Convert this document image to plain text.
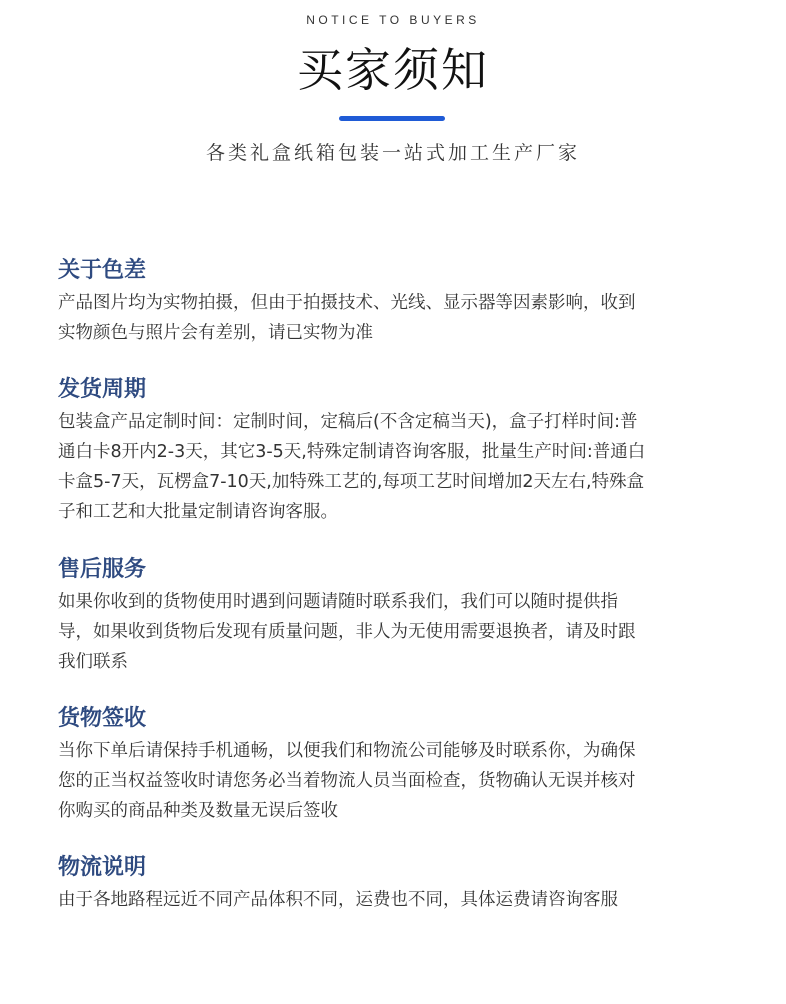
NOTICE TO BUYERS
买家须知
各类礼盒纸箱包装一站式加工生产厂家
关于色差
产品图片均为实物拍摄，但由于拍摄技术、光线、显示器等因素影响，收到
实物颜色与照片会有差别，请已实物为准
发货周期
包装盒产品定制时间：定制时间，定稿后(不含定稿当天)，盒子打样时间:普
通白卡8开内2-3天，其它3-5天,特殊定制请咨询客服，批量生产时间:普通白
卡盒5-7天，瓦楞盒7-10天,加特殊工艺的,每项工艺时间增加2天左右,特殊盒
子和工艺和大批量定制请咨询客服。
售后服务
如果你收到的货物使用时遇到问题请随时联系我们，我们可以随时提供指
导，如果收到货物后发现有质量问题，非人为无使用需要退换者，请及时跟
我们联系
货物签收
当你下单后请保持手机通畅，以便我们和物流公司能够及时联系你，为确保
您的正当权益签收时请您务必当着物流人员当面检查，货物确认无误并核对
你购买的商品种类及数量无误后签收
物流说明
由于各地路程远近不同产品体积不同，运费也不同，具体运费请咨询客服
